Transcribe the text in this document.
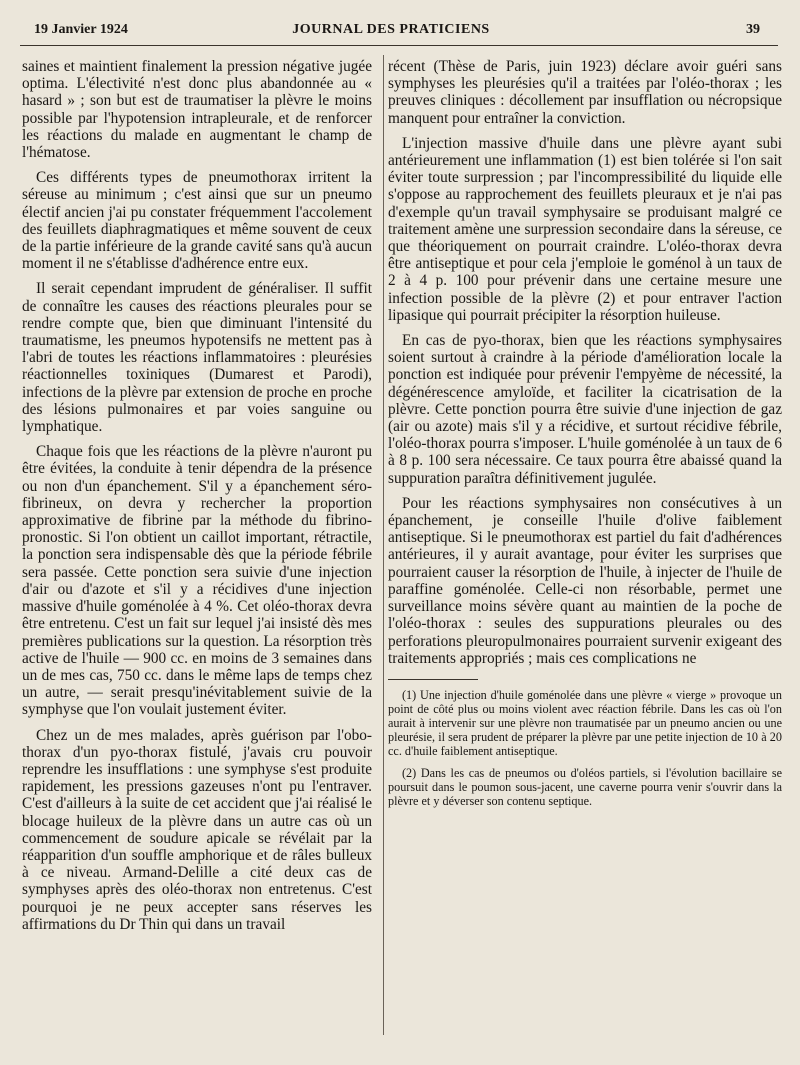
19 Janvier 1924	JOURNAL DES PRATICIENS	39

saines et maintient finalement la pression négative jugée optima. L'électivité n'est donc plus abandonnée au « hasard » ; son but est de traumatiser la plèvre le moins possible par l'hypotension intrapleurale, et de renforcer les réactions du malade en augmentant le champ de l'hématose.

Ces différents types de pneumothorax irritent la séreuse au minimum ; c'est ainsi que sur un pneumo électif ancien j'ai pu constater fréquemment l'accolement des feuillets diaphragmatiques et même souvent de ceux de la partie inférieure de la grande cavité sans qu'à aucun moment il ne s'établisse d'adhérence entre eux.

Il serait cependant imprudent de généraliser. Il suffit de connaître les causes des réactions pleurales pour se rendre compte que, bien que diminuant l'intensité du traumatisme, les pneumos hypotensifs ne mettent pas à l'abri de toutes les réactions inflammatoires : pleurésies réactionnelles toxiniques (Dumarest et Parodi), infections de la plèvre par extension de proche en proche des lésions pulmonaires et par voies sanguine ou lymphatique.

Chaque fois que les réactions de la plèvre n'auront pu être évitées, la conduite à tenir dépendra de la présence ou non d'un épanchement. S'il y a épanchement séro-fibrineux, on devra y rechercher la proportion approximative de fibrine par la méthode du fibrino-pronostic. Si l'on obtient un caillot important, rétractile, la ponction sera indispensable dès que la période fébrile sera passée. Cette ponction sera suivie d'une injection d'air ou d'azote et s'il y a récidives d'une injection massive d'huile goménolée à 4 %. Cet oléo-thorax devra être entretenu. C'est un fait sur lequel j'ai insisté dès mes premières publications sur la question. La résorption très active de l'huile — 900 cc. en moins de 3 semaines dans un de mes cas, 750 cc. dans le même laps de temps chez un autre, — serait presqu'inévitablement suivie de la symphyse que l'on voulait justement éviter.

Chez un de mes malades, après guérison par l'obo-thorax d'un pyo-thorax fistulé, j'avais cru pouvoir reprendre les insufflations : une symphyse s'est produite rapidement, les pressions gazeuses n'ont pu l'entraver. C'est d'ailleurs à la suite de cet accident que j'ai réalisé le blocage huileux de la plèvre dans un autre cas où un commencement de soudure apicale se révélait par la réapparition d'un souffle amphorique et de râles bulleux à ce niveau. Armand-Delille a cité deux cas de symphyses après des oléo-thorax non entretenus. C'est pourquoi je ne peux accepter sans réserves les affirmations du Dr Thin qui dans un travail

récent (Thèse de Paris, juin 1923) déclare avoir guéri sans symphyses les pleurésies qu'il a traitées par l'oléo-thorax ; les preuves cliniques : décollement par insufflation ou nécropsique manquent pour entraîner la conviction.

L'injection massive d'huile dans une plèvre ayant subi antérieurement une inflammation (1) est bien tolérée si l'on sait éviter toute surpression ; par l'incompressibilité du liquide elle s'oppose au rapprochement des feuillets pleuraux et je n'ai pas d'exemple qu'un travail symphysaire se produisant malgré ce traitement amène une surpression secondaire dans la séreuse, ce que théoriquement on pourrait craindre. L'oléo-thorax devra être antiseptique et pour cela j'emploie le goménol à un taux de 2 à 4 p. 100 pour prévenir dans une certaine mesure une infection possible de la plèvre (2) et pour entraver l'action lipasique qui pourrait précipiter la résorption huileuse.

En cas de pyo-thorax, bien que les réactions symphysaires soient surtout à craindre à la période d'amélioration locale la ponction est indiquée pour prévenir l'empyème de nécessité, la dégénérescence amyloïde, et faciliter la cicatrisation de la plèvre. Cette ponction pourra être suivie d'une injection de gaz (air ou azote) mais s'il y a récidive, et surtout récidive fébrile, l'oléo-thorax pourra s'imposer. L'huile goménolée à un taux de 6 à 8 p. 100 sera nécessaire. Ce taux pourra être abaissé quand la suppuration paraîtra définitivement jugulée.

Pour les réactions symphysaires non consécutives à un épanchement, je conseille l'huile d'olive faiblement antiseptique. Si le pneumothorax est partiel du fait d'adhérences antérieures, il y aurait avantage, pour éviter les surprises que pourraient causer la résorption de l'huile, à injecter de l'huile de paraffine goménolée. Celle-ci non résorbable, permet une surveillance moins sévère quant au maintien de la poche de l'oléo-thorax : seules des suppurations pleurales ou des perforations pleuropulmonaires pourraient survenir exigeant des traitements appropriés ; mais ces complications ne

(1) Une injection d'huile goménolée dans une plèvre « vierge » provoque un point de côté plus ou moins violent avec réaction fébrile. Dans les cas où l'on aurait à intervenir sur une plèvre non traumatisée par un pneumo ancien ou une pleurésie, il sera prudent de préparer la plèvre par une petite injection de 10 à 20 cc. d'huile faiblement antiseptique.

(2) Dans les cas de pneumos ou d'oléos partiels, si l'évolution bacillaire se poursuit dans le poumon sous-jacent, une caverne pourra venir s'ouvrir dans la plèvre et y déverser son contenu septique.
